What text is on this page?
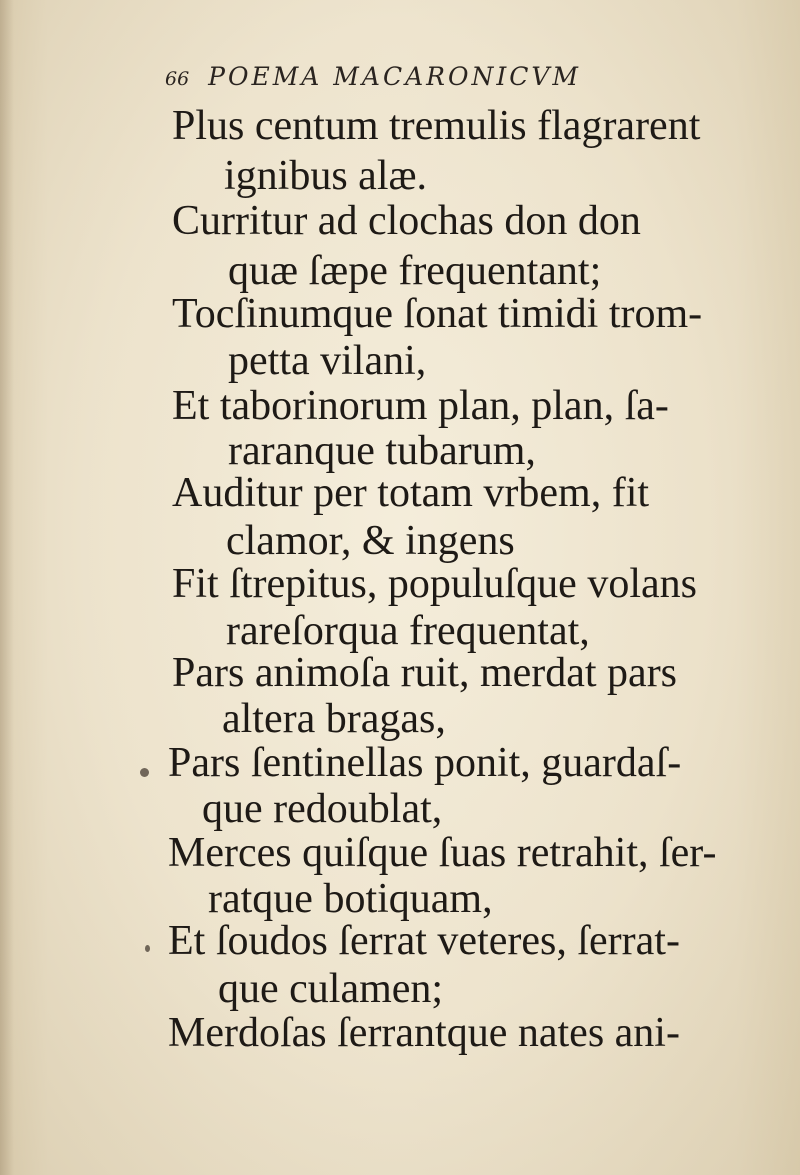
66 POEMA MACARONICVM
Plus centum tremulis flagrarent
ignibus alæ.
Curritur ad clochas don don
quæ ſæpe frequentant;
Tocſinumque ſonat timidi trom-
petta vilani,
Et taborinorum plan, plan, ſa-
raranque tubarum,
Auditur per totam vrbem, fit
clamor, & ingens
Fit ſtrepitus, populuſque volans
rareſorqua frequentat,
Pars animoſa ruit, merdat pars
altera bragas,
Pars ſentinellas ponit, guardaſ-
que redoublat,
Merces quiſque ſuas retrahit, ſer-
ratque botiquam,
Et ſoudos ſerrat veteres, ſerrat-
que culamen;
Merdoſas ſerrantque nates ani-
